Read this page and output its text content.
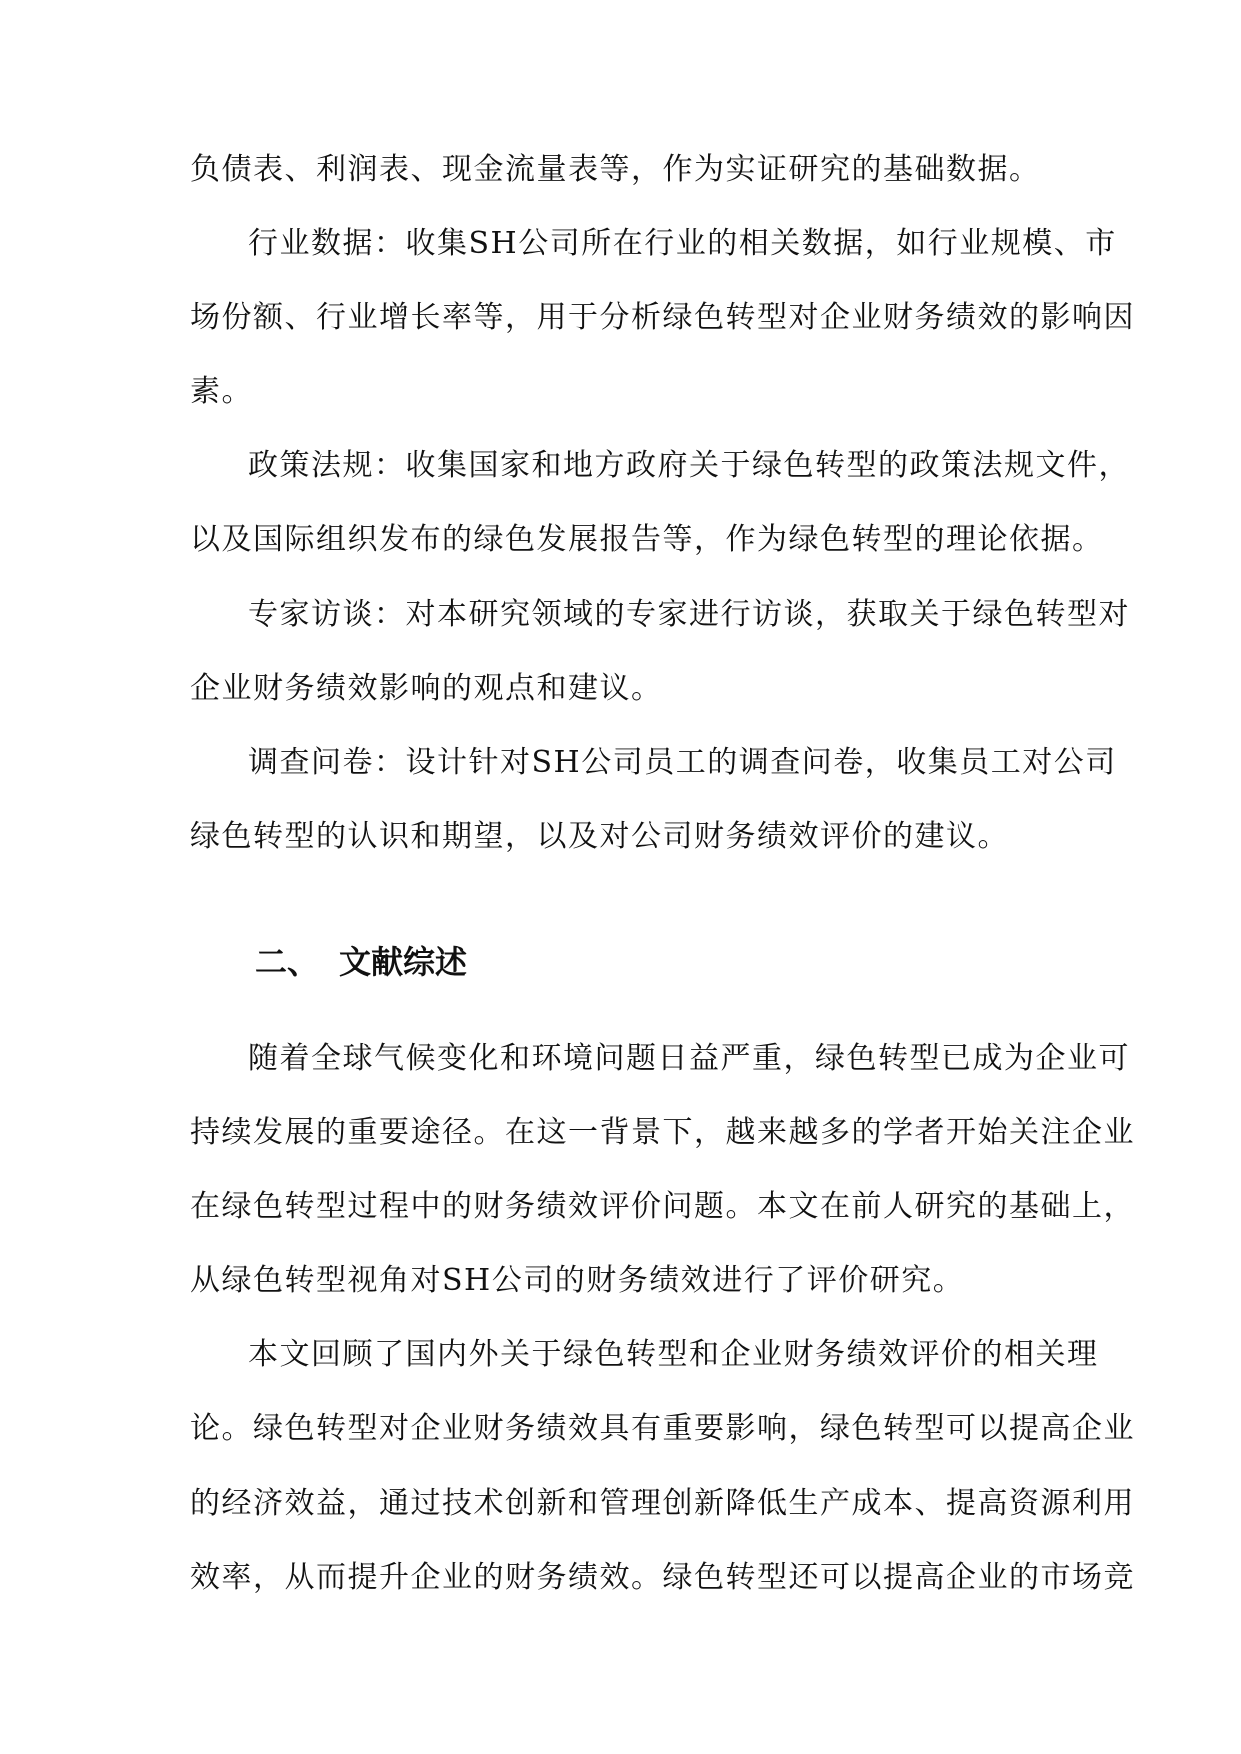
负债表、利润表、现金流量表等，作为实证研究的基础数据。
行业数据：收集SH公司所在行业的相关数据，如行业规模、市
场份额、行业增长率等，用于分析绿色转型对企业财务绩效的影响因
素。
政策法规：收集国家和地方政府关于绿色转型的政策法规文件，
以及国际组织发布的绿色发展报告等，作为绿色转型的理论依据。
专家访谈：对本研究领域的专家进行访谈，获取关于绿色转型对
企业财务绩效影响的观点和建议。
调查问卷：设计针对SH公司员工的调查问卷，收集员工对公司
绿色转型的认识和期望，以及对公司财务绩效评价的建议。
二、 文献综述
随着全球气候变化和环境问题日益严重，绿色转型已成为企业可
持续发展的重要途径。在这一背景下，越来越多的学者开始关注企业
在绿色转型过程中的财务绩效评价问题。本文在前人研究的基础上，
从绿色转型视角对SH公司的财务绩效进行了评价研究。
本文回顾了国内外关于绿色转型和企业财务绩效评价的相关理
论。绿色转型对企业财务绩效具有重要影响，绿色转型可以提高企业
的经济效益，通过技术创新和管理创新降低生产成本、提高资源利用
效率，从而提升企业的财务绩效。绿色转型还可以提高企业的市场竞
